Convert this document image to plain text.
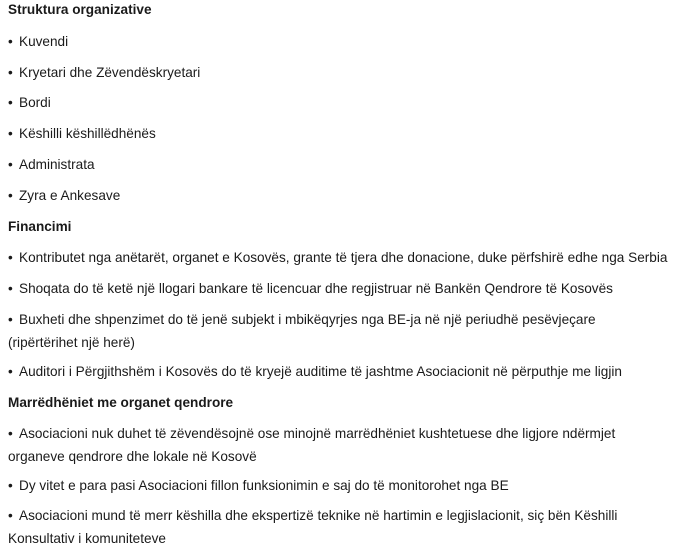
Struktura organizative
• Kuvendi
• Kryetari dhe Zëvendëskryetari
• Bordi
• Këshilli këshillëdhënës
• Administrata
• Zyra e Ankesave
Financimi
• Kontributet nga anëtarët, organet e Kosovës, grante të tjera dhe donacione, duke përfshirë edhe nga Serbia
• Shoqata do të ketë një llogari bankare të licencuar dhe regjistruar në Bankën Qendrore të Kosovës
• Buxheti dhe shpenzimet do të jenë subjekt i mbikëqyrjes nga BE-ja në një periudhë pesëvjeçare (ripërtërihet një herë)
• Auditori i Përgjithshëm i Kosovës do të kryejë auditime të jashtme Asociacionit në përputhje me ligjin
Marrëdhëniet me organet qendrore
• Asociacioni nuk duhet të zëvendësojnë ose minojnë marrëdhëniet kushtetuese dhe ligjore ndërmjet organeve qendrore dhe lokale në Kosovë
• Dy vitet e para pasi Asociacioni fillon funksionimin e saj do të monitorohet nga BE
• Asociacioni mund të merr këshilla dhe ekspertizë teknike në hartimin e legjislacionit, siç bën Këshilli Konsultativ i komuniteteve
